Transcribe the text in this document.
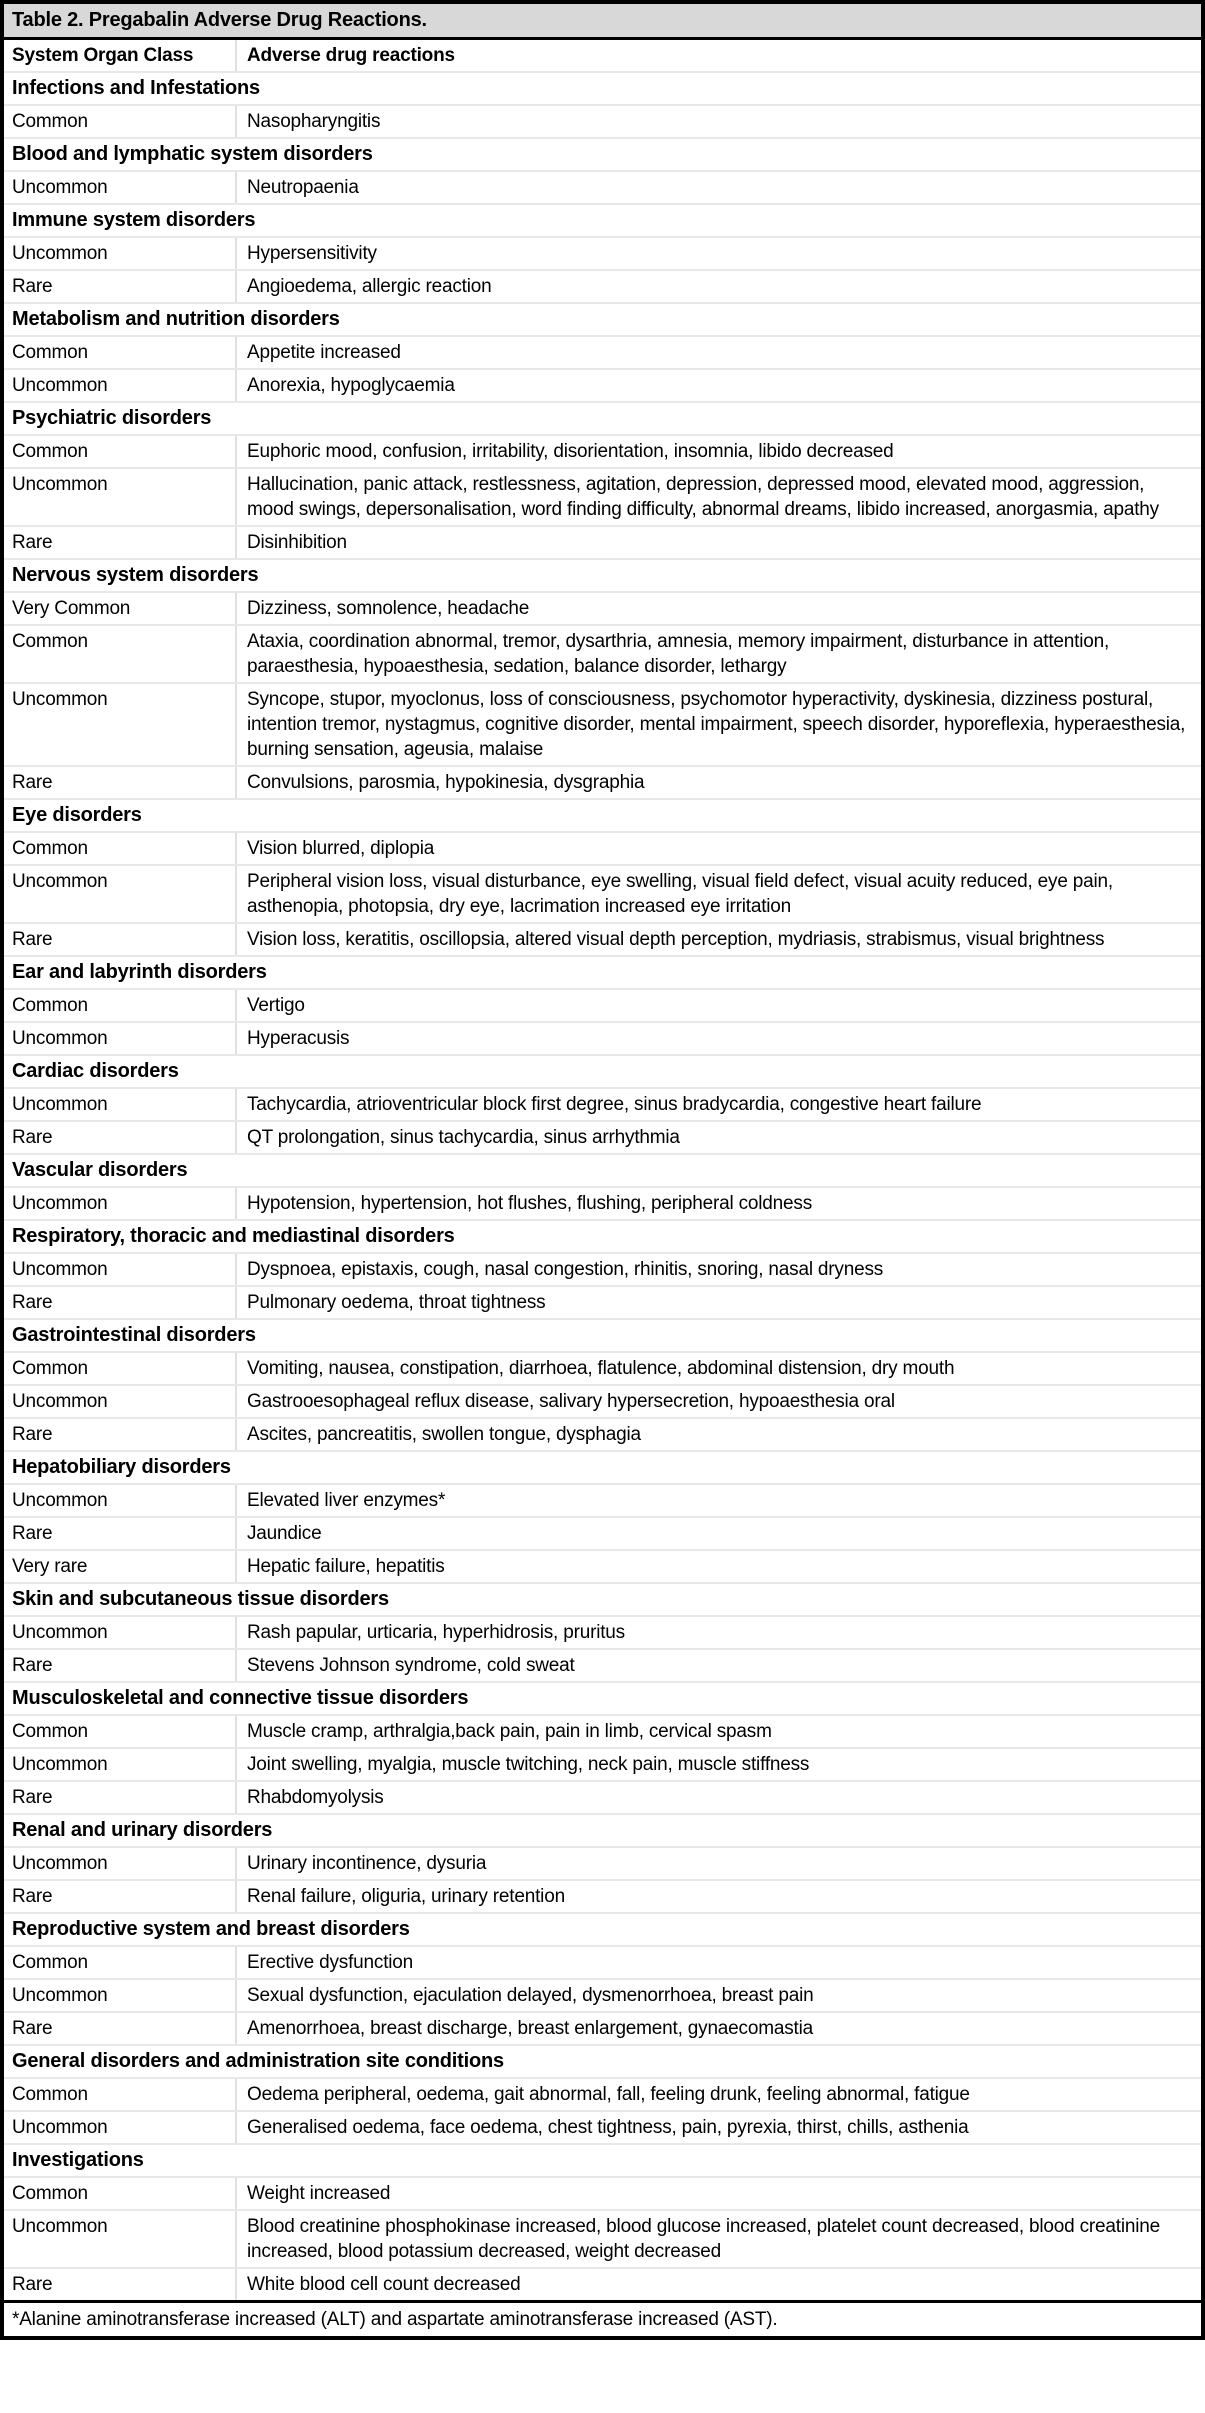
Table 2. Pregabalin Adverse Drug Reactions.
System Organ Class	Adverse drug reactions
Infections and Infestations
Common	Nasopharyngitis
Blood and lymphatic system disorders
Uncommon	Neutropaenia
Immune system disorders
Uncommon	Hypersensitivity
Rare	Angioedema, allergic reaction
Metabolism and nutrition disorders
Common	Appetite increased
Uncommon	Anorexia, hypoglycaemia
Psychiatric disorders
Common	Euphoric mood, confusion, irritability, disorientation, insomnia, libido decreased
Uncommon	Hallucination, panic attack, restlessness, agitation, depression, depressed mood, elevated mood, aggression, mood swings, depersonalisation, word finding difficulty, abnormal dreams, libido increased, anorgasmia, apathy
Rare	Disinhibition
Nervous system disorders
Very Common	Dizziness, somnolence, headache
Common	Ataxia, coordination abnormal, tremor, dysarthria, amnesia, memory impairment, disturbance in attention, paraesthesia, hypoaesthesia, sedation, balance disorder, lethargy
Uncommon	Syncope, stupor, myoclonus, loss of consciousness, psychomotor hyperactivity, dyskinesia, dizziness postural, intention tremor, nystagmus, cognitive disorder, mental impairment, speech disorder, hyporeflexia, hyperaesthesia, burning sensation, ageusia, malaise
Rare	Convulsions, parosmia, hypokinesia, dysgraphia
Eye disorders
Common	Vision blurred, diplopia
Uncommon	Peripheral vision loss, visual disturbance, eye swelling, visual field defect, visual acuity reduced, eye pain, asthenopia, photopsia, dry eye, lacrimation increased eye irritation
Rare	Vision loss, keratitis, oscillopsia, altered visual depth perception, mydriasis, strabismus, visual brightness
Ear and labyrinth disorders
Common	Vertigo
Uncommon	Hyperacusis
Cardiac disorders
Uncommon	Tachycardia, atrioventricular block first degree, sinus bradycardia, congestive heart failure
Rare	QT prolongation, sinus tachycardia, sinus arrhythmia
Vascular disorders
Uncommon	Hypotension, hypertension, hot flushes, flushing, peripheral coldness
Respiratory, thoracic and mediastinal disorders
Uncommon	Dyspnoea, epistaxis, cough, nasal congestion, rhinitis, snoring, nasal dryness
Rare	Pulmonary oedema, throat tightness
Gastrointestinal disorders
Common	Vomiting, nausea, constipation, diarrhoea, flatulence, abdominal distension, dry mouth
Uncommon	Gastrooesophageal reflux disease, salivary hypersecretion, hypoaesthesia oral
Rare	Ascites, pancreatitis, swollen tongue, dysphagia
Hepatobiliary disorders
Uncommon	Elevated liver enzymes*
Rare	Jaundice
Very rare	Hepatic failure, hepatitis
Skin and subcutaneous tissue disorders
Uncommon	Rash papular, urticaria, hyperhidrosis, pruritus
Rare	Stevens Johnson syndrome, cold sweat
Musculoskeletal and connective tissue disorders
Common	Muscle cramp, arthralgia,back pain, pain in limb, cervical spasm
Uncommon	Joint swelling, myalgia, muscle twitching, neck pain, muscle stiffness
Rare	Rhabdomyolysis
Renal and urinary disorders
Uncommon	Urinary incontinence, dysuria
Rare	Renal failure, oliguria, urinary retention
Reproductive system and breast disorders
Common	Erective dysfunction
Uncommon	Sexual dysfunction, ejaculation delayed, dysmenorrhoea, breast pain
Rare	Amenorrhoea, breast discharge, breast enlargement, gynaecomastia
General disorders and administration site conditions
Common	Oedema peripheral, oedema, gait abnormal, fall, feeling drunk, feeling abnormal, fatigue
Uncommon	Generalised oedema, face oedema, chest tightness, pain, pyrexia, thirst, chills, asthenia
Investigations
Common	Weight increased
Uncommon	Blood creatinine phosphokinase increased, blood glucose increased, platelet count decreased, blood creatinine increased, blood potassium decreased, weight decreased
Rare	White blood cell count decreased
*Alanine aminotransferase increased (ALT) and aspartate aminotransferase increased (AST).
